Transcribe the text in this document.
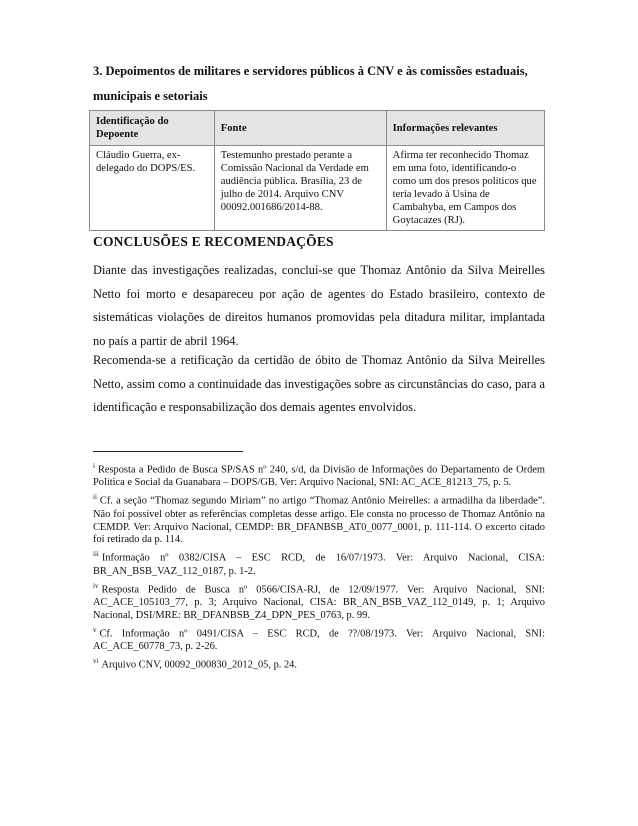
3. Depoimentos de militares e servidores públicos à CNV e às comissões estaduais, municipais e setoriais
Identificação do Depoente	Fonte	Informações relevantes
Cláudio Guerra, ex-delegado do DOPS/ES.	Testemunho prestado perante a Comissão Nacional da Verdade em audiência pública. Brasília, 23 de julho de 2014. Arquivo CNV 00092.001686/2014-88.	Afirma ter reconhecido Thomaz em uma foto, identificando-o como um dos presos políticos que teria levado à Usina de Cambahyba, em Campos dos Goytacazes (RJ).
CONCLUSÕES E RECOMENDAÇÕES
Diante das investigações realizadas, conclui-se que Thomaz Antônio da Silva Meirelles Netto foi morto e desapareceu por ação de agentes do Estado brasileiro, contexto de sistemáticas violações de direitos humanos promovidas pela ditadura militar, implantada no país a partir de abril 1964.
Recomenda-se a retificação da certidão de óbito de Thomaz Antônio da Silva Meirelles Netto, assim como a continuidade das investigações sobre as circunstâncias do caso, para a identificação e responsabilização dos demais agentes envolvidos.

$^i$ Resposta a Pedido de Busca SP/SAS nº 240, s/d, da Divisão de Informações do Departamento de Ordem Política e Social da Guanabara – DOPS/GB. Ver: Arquivo Nacional, SNI: AC_ACE_81213_75, p. 5.

$^{ii}$ Cf. a seção “Thomaz segundo Miriam” no artigo “Thomaz Antônio Meirelles: a armadilha da liberdade”. Não foi possível obter as referências completas desse artigo. Ele consta no processo de Thomaz Antônio na CEMDP. Ver: Arquivo Nacional, CEMDP: BR_DFANBSB_AT0_0077_0001, p. 111-114. O excerto citado foi retirado da p. 114.

$^{iii}$ Informação nº 0382/CISA – ESC RCD, de 16/07/1973. Ver: Arquivo Nacional, CISA: BR_AN_BSB_VAZ_112_0187, p. 1-2.

$^{iv}$ Resposta Pedido de Busca nº 0566/CISA-RJ, de 12/09/1977. Ver: Arquivo Nacional, SNI: AC_ACE_105103_77, p. 3; Arquivo Nacional, CISA: BR_AN_BSB_VAZ_112_0149, p. 1; Arquivo Nacional, DSI/MRE: BR_DFANBSB_Z4_DPN_PES_0763, p. 99.

$^v$ Cf. Informação nº 0491/CISA – ESC RCD, de ??/08/1973. Ver: Arquivo Nacional, SNI: AC_ACE_60778_73, p. 2-26.

$^{vi}$ Arquivo CNV, 00092_000830_2012_05, p. 24.
